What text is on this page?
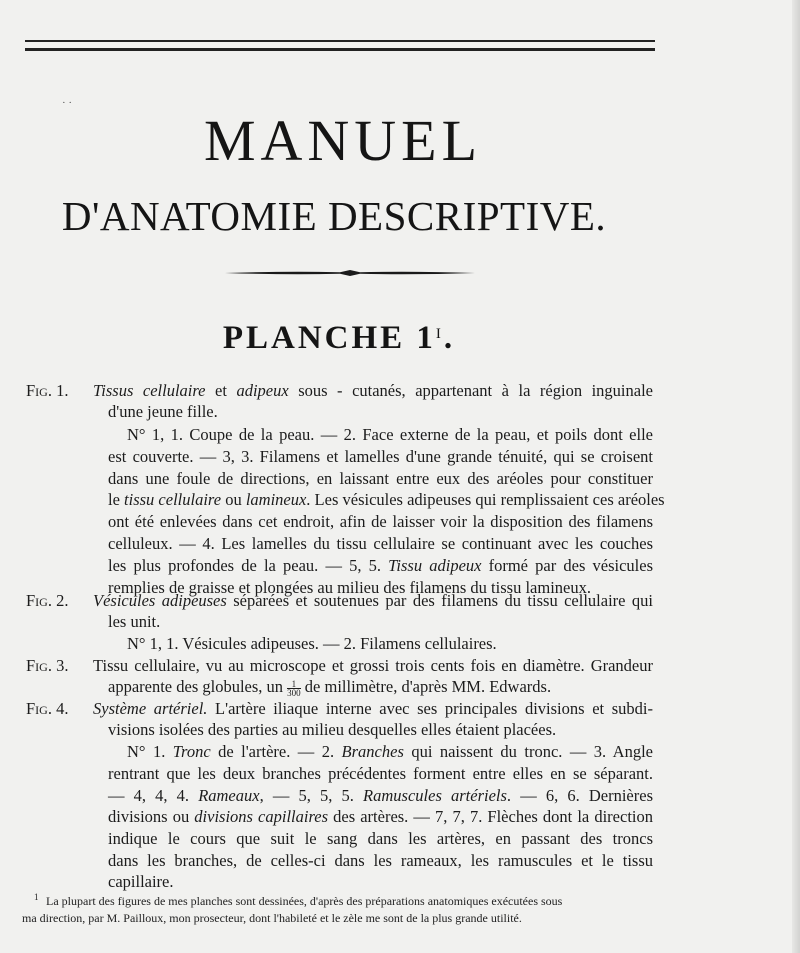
· ·
MANUEL
D'ANATOMIE DESCRIPTIVE.
PLANCHE $1^I$.
Fig. 1. Tissus cellulaire et adipeux sous - cutanés, appartenant à la région inguinale
d'une jeune fille.
N° 1, 1. Coupe de la peau. — 2. Face externe de la peau, et poils dont elle
est couverte. — 3, 3. Filamens et lamelles d'une grande ténuité, qui se croisent
dans une foule de directions, en laissant entre eux des aréoles pour constituer
le tissu cellulaire ou lamineux. Les vésicules adipeuses qui remplissaient ces aréoles
ont été enlevées dans cet endroit, afin de laisser voir la disposition des filamens
celluleux. — 4. Les lamelles du tissu cellulaire se continuant avec les couches
les plus profondes de la peau. — 5, 5. Tissu adipeux formé par des vésicules
remplies de graisse et plongées au milieu des filamens du tissu lamineux.
Fig. 2. Vésicules adipeuses séparées et soutenues par des filamens du tissu cellulaire qui
les unit.
N° 1, 1. Vésicules adipeuses. — 2. Filamens cellulaires.
Fig. 3. Tissu cellulaire, vu au microscope et grossi trois cents fois en diamètre. Grandeur
apparente des globules, un $\frac{1}{300}$ de millimètre, d'après MM. Edwards.
Fig. 4. Système artériel. L'artère iliaque interne avec ses principales divisions et subdi-
visions isolées des parties au milieu desquelles elles étaient placées.
N° 1. Tronc de l'artère. — 2. Branches qui naissent du tronc. — 3. Angle
rentrant que les deux branches précédentes forment entre elles en se séparant.
— 4, 4, 4. Rameaux, — 5, 5, 5. Ramuscules artériels. — 6, 6. Dernières
divisions ou divisions capillaires des artères. — 7, 7, 7. Flèches dont la direction
indique le cours que suit le sang dans les artères, en passant des troncs
dans les branches, de celles-ci dans les rameaux, les ramuscules et le tissu
capillaire.
1 La plupart des figures de mes planches sont dessinées, d'après des préparations anatomiques exécutées sous
ma direction, par M. Pailloux, mon prosecteur, dont l'habileté et le zèle me sont de la plus grande utilité.
